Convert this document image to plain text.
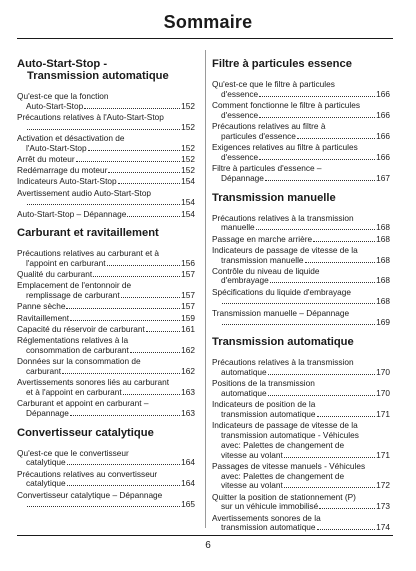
Sommaire
Auto-Start-Stop -
Transmission automatique
Qu'est-ce que la fonction
Auto-Start-Stop	152
Précautions relatives à l'Auto-Start-Stop
152
Activation et désactivation de
l'Auto-Start-Stop	152
Arrêt du moteur	152
Redémarrage du moteur	152
Indicateurs Auto-Start-Stop	154
Avertissement audio Auto-Start-Stop
154
Auto-Start-Stop – Dépannage	154
Carburant et ravitaillement
Précautions relatives au carburant et à
l'appoint en carburant	156
Qualité du carburant	157
Emplacement de l'entonnoir de
remplissage de carburant	157
Panne sèche	157
Ravitaillement	159
Capacité du réservoir de carburant	161
Réglementations relatives à la
consommation de carburant	162
Données sur la consommation de
carburant	162
Avertissements sonores liés au carburant
et à l'appoint en carburant	163
Carburant et appoint en carburant –
Dépannage	163
Convertisseur catalytique
Qu'est-ce que le convertisseur
catalytique	164
Précautions relatives au convertisseur
catalytique	164
Convertisseur catalytique – Dépannage
165
Filtre à particules essence
Qu'est-ce que le filtre à particules
d'essence	166
Comment fonctionne le filtre à particules
d'essence	166
Précautions relatives au filtre à
particules d'essence	166
Exigences relatives au filtre à particules
d'essence	166
Filtre à particules d'essence –
Dépannage	167
Transmission manuelle
Précautions relatives à la transmission
manuelle	168
Passage en marche arrière	168
Indicateurs de passage de vitesse de la
transmission manuelle	168
Contrôle du niveau de liquide
d'embrayage	168
Spécifications du liquide d'embrayage
168
Transmission manuelle – Dépannage
169
Transmission automatique
Précautions relatives à la transmission
automatique	170
Positions de la transmission
automatique	170
Indicateurs de position de la
transmission automatique	171
Indicateurs de passage de vitesse de la
transmission automatique - Véhicules
avec: Palettes de changement de
vitesse au volant	171
Passages de vitesse manuels - Véhicules
avec: Palettes de changement de
vitesse au volant	172
Quitter la position de stationnement (P)
sur un véhicule immobilisé	173
Avertissements sonores de la
transmission automatique	174
6
